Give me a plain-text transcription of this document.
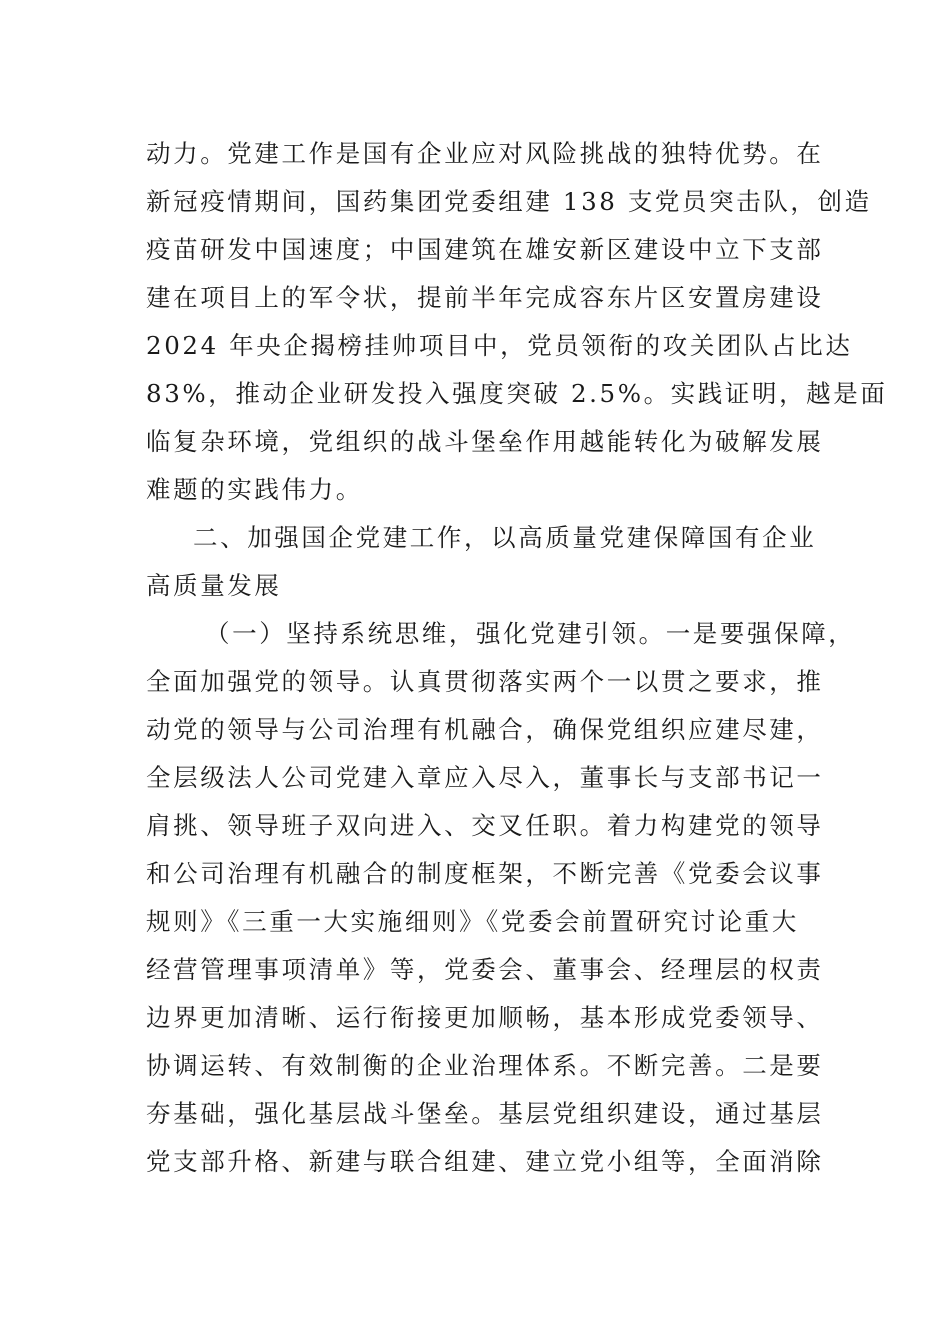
动力。党建工作是国有企业应对风险挑战的独特优势。在
新冠疫情期间，国药集团党委组建 138 支党员突击队，创造
疫苗研发中国速度；中国建筑在雄安新区建设中立下支部
建在项目上的军令状，提前半年完成容东片区安置房建设
2024 年央企揭榜挂帅项目中，党员领衔的攻关团队占比达
83%，推动企业研发投入强度突破 2.5%。实践证明，越是面
临复杂环境，党组织的战斗堡垒作用越能转化为破解发展
难题的实践伟力。
二、加强国企党建工作，以高质量党建保障国有企业
高质量发展
（一）坚持系统思维，强化党建引领。一是要强保障，
全面加强党的领导。认真贯彻落实两个一以贯之要求，推
动党的领导与公司治理有机融合，确保党组织应建尽建，
全层级法人公司党建入章应入尽入，董事长与支部书记一
肩挑、领导班子双向进入、交叉任职。着力构建党的领导
和公司治理有机融合的制度框架，不断完善《党委会议事
规则》《三重一大实施细则》《党委会前置研究讨论重大
经营管理事项清单》等，党委会、董事会、经理层的权责
边界更加清晰、运行衔接更加顺畅，基本形成党委领导、
协调运转、有效制衡的企业治理体系。不断完善。二是要
夯基础，强化基层战斗堡垒。基层党组织建设，通过基层
党支部升格、新建与联合组建、建立党小组等，全面消除
